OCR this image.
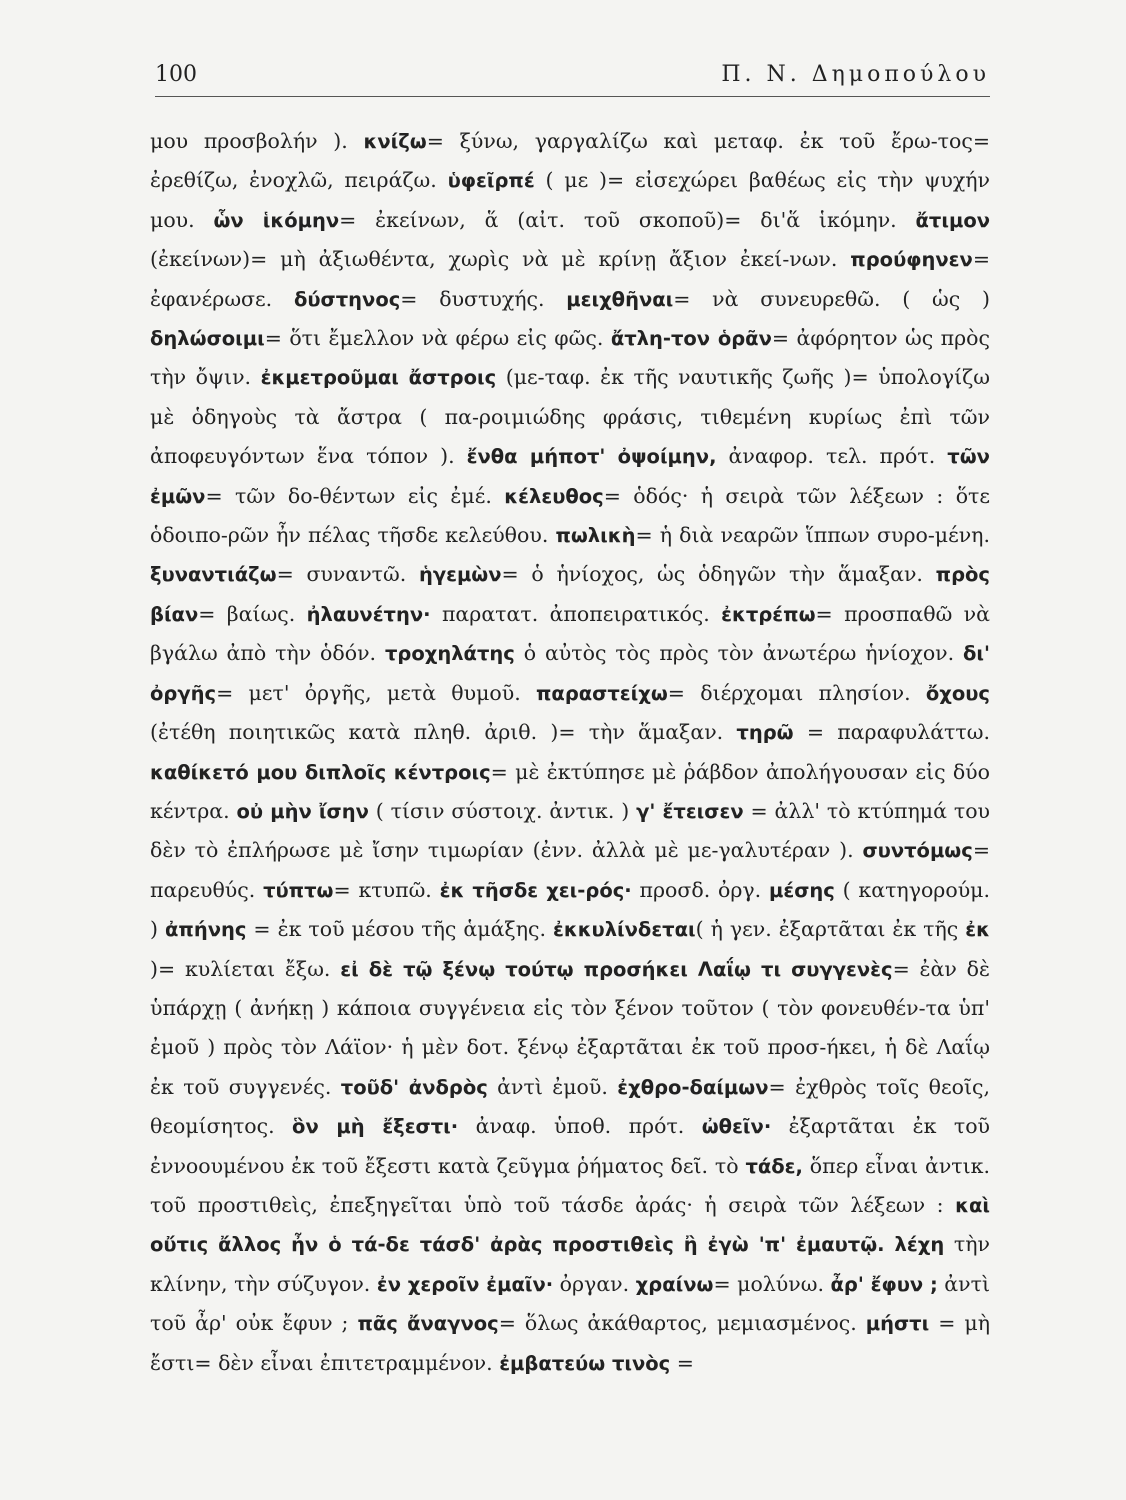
100	Π. Ν. Δημοπούλου
μου προσβολήν ). κνίζω= ξύνω, γαργαλίζω καὶ μεταφ. ἐκ τοῦ ἔρω-τος= ἐρεθίζω, ἐνοχλῶ, πειράζω. ὑφεῖρπέ ( με )= εἰσεχώρει βαθέως εἰς τὴν ψυχήν μου. ὧν ἱκόμην= ἐκείνων, ἅ (αἰτ. τοῦ σκοποῦ)= δι'ἅ ἱκόμην. ἄτιμον (ἐκείνων)= μὴ ἀξιωθέντα, χωρὶς νὰ μὲ κρίνῃ ἄξιον ἐκεί-νων. προύφηνεν= ἐφανέρωσε. δύστηνος= δυστυχής. μειχθῆναι= νὰ συνευρεθῶ. ( ὡς ) δηλώσοιμι= ὅτι ἔμελλον νὰ φέρω εἰς φῶς. ἄτλη-τον ὁρᾶν= ἀφόρητον ὡς πρὸς τὴν ὄψιν. ἐκμετροῦμαι ἄστροις (με-ταφ. ἐκ τῆς ναυτικῆς ζωῆς )= ὑπολογίζω μὲ ὁδηγοὺς τὰ ἄστρα ( πα-ροιμιώδης φράσις, τιθεμένη κυρίως ἐπὶ τῶν ἀποφευγόντων ἕνα τόπον ). ἔνθα μήποτ' ὀψοίμην, ἀναφορ. τελ. πρότ. τῶν ἐμῶν= τῶν δο-θέντων εἰς ἐμέ. κέλευθος= ὁδός· ἡ σειρὰ τῶν λέξεων : ὅτε ὁδοιπο-ρῶν ἦν πέλας τῆσδε κελεύθου. πωλικὴ= ἡ διὰ νεαρῶν ἵππων συρο-μένη. ξυναντιάζω= συναντῶ. ἡγεμὼν= ὁ ἡνίοχος, ὡς ὁδηγῶν τὴν ἅμαξαν. πρὸς βίαν= βαίως. ἠλαυνέτην· παρατατ. ἀποπειρατικός. ἐκτρέπω= προσπαθῶ νὰ βγάλω ἀπὸ τὴν ὁδόν. τροχηλάτης ὁ αὐτὸς τὸς πρὸς τὸν ἀνωτέρω ἡνίοχον. δι' ὀργῆς= μετ' ὀργῆς, μετὰ θυμοῦ. παραστείχω= διέρχομαι πλησίον. ὄχους (ἐτέθη ποιητικῶς κατὰ πληθ. ἀριθ. )= τὴν ἅμαξαν. τηρῶ = παραφυλάττω. καθίκετό μου διπλοῖς κέντροις= μὲ ἐκτύπησε μὲ ῥάβδον ἀπολήγουσαν εἰς δύο κέντρα. οὐ μὴν ἴσην ( τίσιν σύστοιχ. ἀντικ. ) γ' ἔτεισεν = ἀλλ' τὸ κτύπημά του δὲν τὸ ἐπλήρωσε μὲ ἴσην τιμωρίαν (ἐνν. ἀλλὰ μὲ με-γαλυτέραν ). συντόμως= παρευθύς. τύπτω= κτυπῶ. ἐκ τῆσδε χει-ρός· προσδ. ὀργ. μέσης ( κατηγορούμ. ) ἀπήνης = ἐκ τοῦ μέσου τῆς ἁμάξης. ἐκκυλίνδεται( ἡ γεν. ἐξαρτᾶται ἐκ τῆς ἐκ )= κυλίεται ἔξω. εἰ δὲ τῷ ξένῳ τούτῳ προσήκει Λαΐῳ τι συγγενὲς= ἐὰν δὲ ὑπάρχῃ ( ἀνήκῃ ) κάποια συγγένεια εἰς τὸν ξένον τοῦτον ( τὸν φονευθέν-τα ὑπ' ἐμοῦ ) πρὸς τὸν Λάϊον· ἡ μὲν δοτ. ξένῳ ἐξαρτᾶται ἐκ τοῦ προσ-ήκει, ἡ δὲ Λαΐῳ ἐκ τοῦ συγγενές. τοῦδ' ἀνδρὸς ἀντὶ ἐμοῦ. ἐχθρο-δαίμων= ἐχθρὸς τοῖς θεοῖς, θεομίσητος. ὃν μὴ ἔξεστι· ἀναφ. ὑποθ. πρότ. ὠθεῖν· ἐξαρτᾶται ἐκ τοῦ ἐννοουμένου ἐκ τοῦ ἔξεστι κατὰ ζεῦγμα ῥήματος δεῖ. τὸ τάδε, ὅπερ εἶναι ἀντικ. τοῦ προστιθεὶς, ἐπεξηγεῖται ὑπὸ τοῦ τάσδε ἀράς· ἡ σειρὰ τῶν λέξεων : καὶ οὔτις ἄλλος ἦν ὁ τά-δε τάσδ' ἀρὰς προστιθεὶς ἢ ἐγὼ 'π' ἐμαυτῷ. λέχη τὴν κλίνην, τὴν σύζυγον. ἐν χεροῖν ἐμαῖν· ὀργαν. χραίνω= μολύνω. ἆρ' ἔφυν ; ἀντὶ τοῦ ἆρ' οὐκ ἔφυν ; πᾶς ἄναγνος= ὅλως ἀκάθαρτος, μεμιασμένος. μήστι = μὴ ἔστι= δὲν εἶναι ἐπιτετραμμένον. ἐμβατεύω τινὸς =
